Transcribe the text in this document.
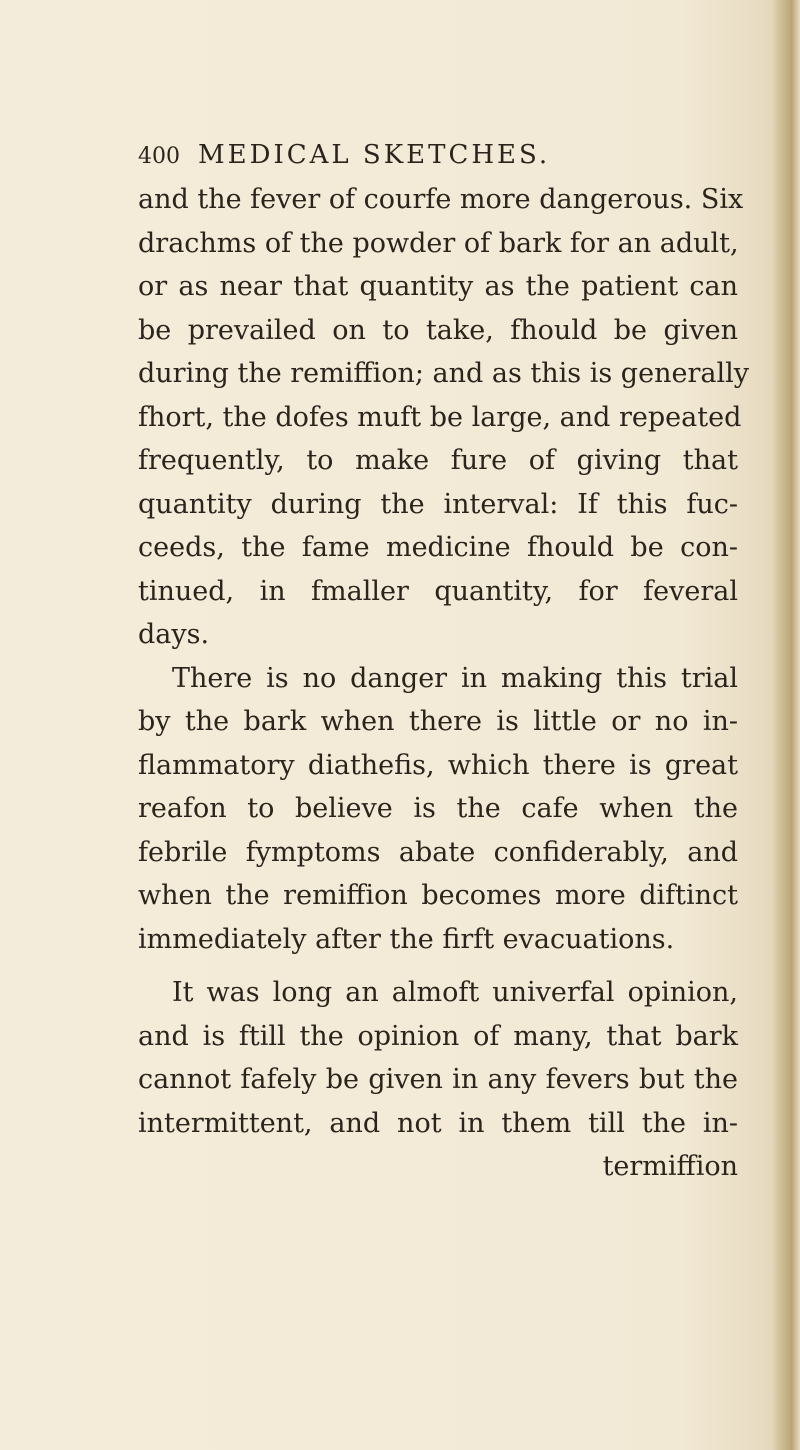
400 MEDICAL SKETCHES.
and the fever of courfe more dangerous. Six
drachms of the powder of bark for an adult,
or as near that quantity as the patient can
be prevailed on to take, fhould be given
during the remiffion; and as this is generally
fhort, the dofes muft be large, and repeated
frequently, to make fure of giving that
quantity during the interval: If this fuc-
ceeds, the fame medicine fhould be con-
tinued, in fmaller quantity, for feveral
days.
There is no danger in making this trial
by the bark when there is little or no in-
flammatory diathefis, which there is great
reafon to believe is the cafe when the
febrile fymptoms abate confiderably, and
when the remiffion becomes more diftinct
immediately after the firft evacuations.
It was long an almoft univerfal opinion,
and is ftill the opinion of many, that bark
cannot fafely be given in any fevers but the
intermittent, and not in them till the in-
termiffion
